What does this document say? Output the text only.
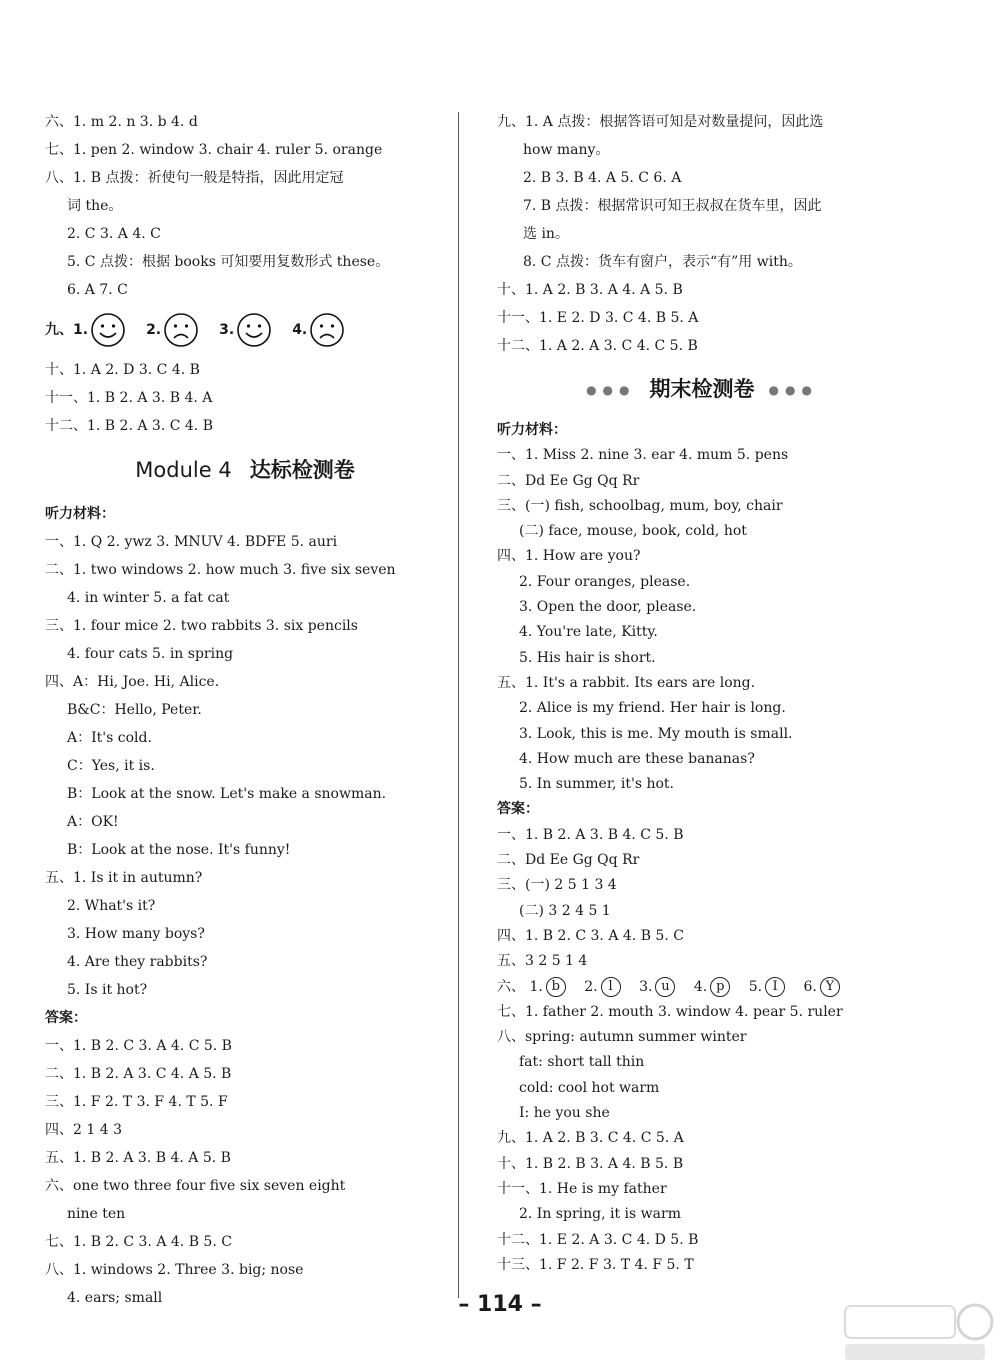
六、1. m 2. n 3. b 4. d
七、1. pen 2. window 3. chair 4. ruler 5. orange
八、1. B 点拨：祈使句一般是特指，因此用定冠
词 the。
2. C 3. A 4. C
5. C 点拨：根据 books 可知要用复数形式 these。
6. A 7. C
九、1.	2.	3.	4.
十、1. A 2. D 3. C 4. B
十一、1. B 2. A 3. B 4. A
十二、1. B 2. A 3. C 4. B
Module 4 达标检测卷
听力材料：
一、1. Q 2. ywz 3. MNUV 4. BDFE 5. auri
二、1. two windows 2. how much 3. five six seven
4. in winter 5. a fat cat
三、1. four mice 2. two rabbits 3. six pencils
4. four cats 5. in spring
四、A：Hi, Joe. Hi, Alice.
B&C：Hello, Peter.
A：It's cold.
C：Yes, it is.
B：Look at the snow. Let's make a snowman.
A：OK!
B：Look at the nose. It's funny!
五、1. Is it in autumn?
2. What's it?
3. How many boys?
4. Are they rabbits?
5. Is it hot?
答案：
一、1. B 2. C 3. A 4. C 5. B
二、1. B 2. A 3. C 4. A 5. B
三、1. F 2. T 3. F 4. T 5. F
四、2 1 4 3
五、1. B 2. A 3. B 4. A 5. B
六、one two three four five six seven eight
nine ten
七、1. B 2. C 3. A 4. B 5. C
八、1. windows 2. Three 3. big; nose
4. ears; small
九、1. A 点拨：根据答语可知是对数量提问，因此选
how many。
2. B 3. B 4. A 5. C 6. A
7. B 点拨：根据常识可知王叔叔在货车里，因此
选 in。
8. C 点拨：货车有窗户，表示“有”用 with。
十、1. A 2. B 3. A 4. A 5. B
十一、1. E 2. D 3. C 4. B 5. A
十二、1. A 2. A 3. C 4. C 5. B
●●● 期末检测卷 ●●●
听力材料：
一、1. Miss 2. nine 3. ear 4. mum 5. pens
二、Dd Ee Gg Qq Rr
三、(一) fish, schoolbag, mum, boy, chair
(二) face, mouse, book, cold, hot
四、1. How are you?
2. Four oranges, please.
3. Open the door, please.
4. You're late, Kitty.
5. His hair is short.
五、1. It's a rabbit. Its ears are long.
2. Alice is my friend. Her hair is long.
3. Look, this is me. My mouth is small.
4. How much are these bananas?
5. In summer, it's hot.
答案：
一、1. B 2. A 3. B 4. C 5. B
二、Dd Ee Gg Qq Rr
三、(一) 2 5 1 3 4
(二) 3 2 4 5 1
四、1. B 2. C 3. A 4. B 5. C
五、3 2 5 1 4
六、 1. b 2. l 3. u 4. p 5. I 6. Y
七、1. father 2. mouth 3. window 4. pear 5. ruler
八、spring: autumn summer winter
fat: short tall thin
cold: cool hot warm
I: he you she
九、1. A 2. B 3. C 4. C 5. A
十、1. B 2. B 3. A 4. B 5. B
十一、1. He is my father
2. In spring, it is warm
十二、1. E 2. A 3. C 4. D 5. B
十三、1. F 2. F 3. T 4. F 5. T
– 114 –
